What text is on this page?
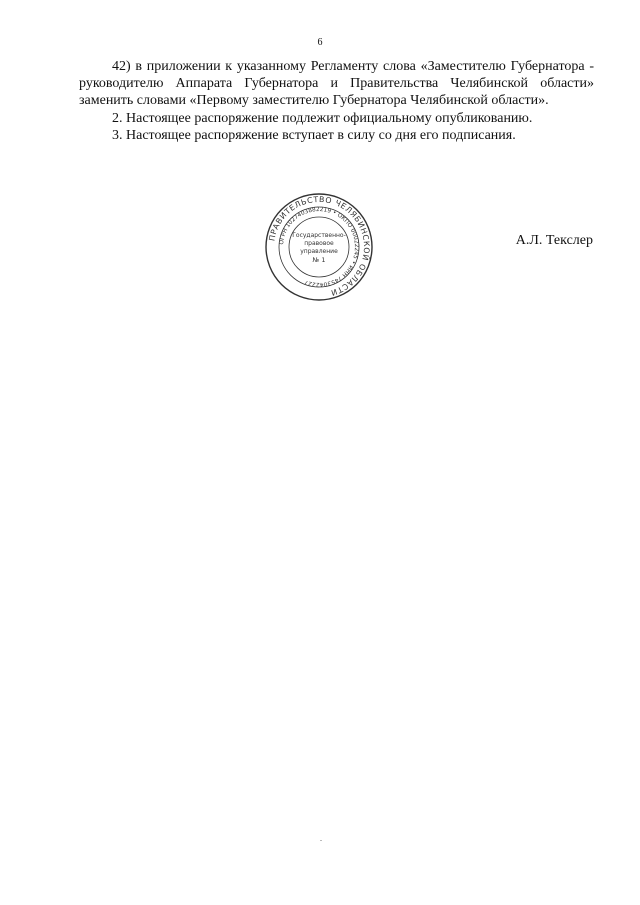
6

42) в приложении к указанному Регламенту слова «Заместителю Губернатора - руководителю Аппарата Губернатора и Правительства Челябинской области» заменить словами «Первому заместителю Губернатора Челябинской области».

2. Настоящее распоряжение подлежит официальному опубликованию.

3. Настоящее распоряжение вступает в силу со дня его подписания.

ПРАВИТЕЛЬСТВО ЧЕЛЯБИНСКОЙ ОБЛАСТИ
ОГРН 1027403882219 • ОКПО 00022245 • ИНН 7453042227
Государственно-
правовое
управление
№ 1
А.Л. Текслер
